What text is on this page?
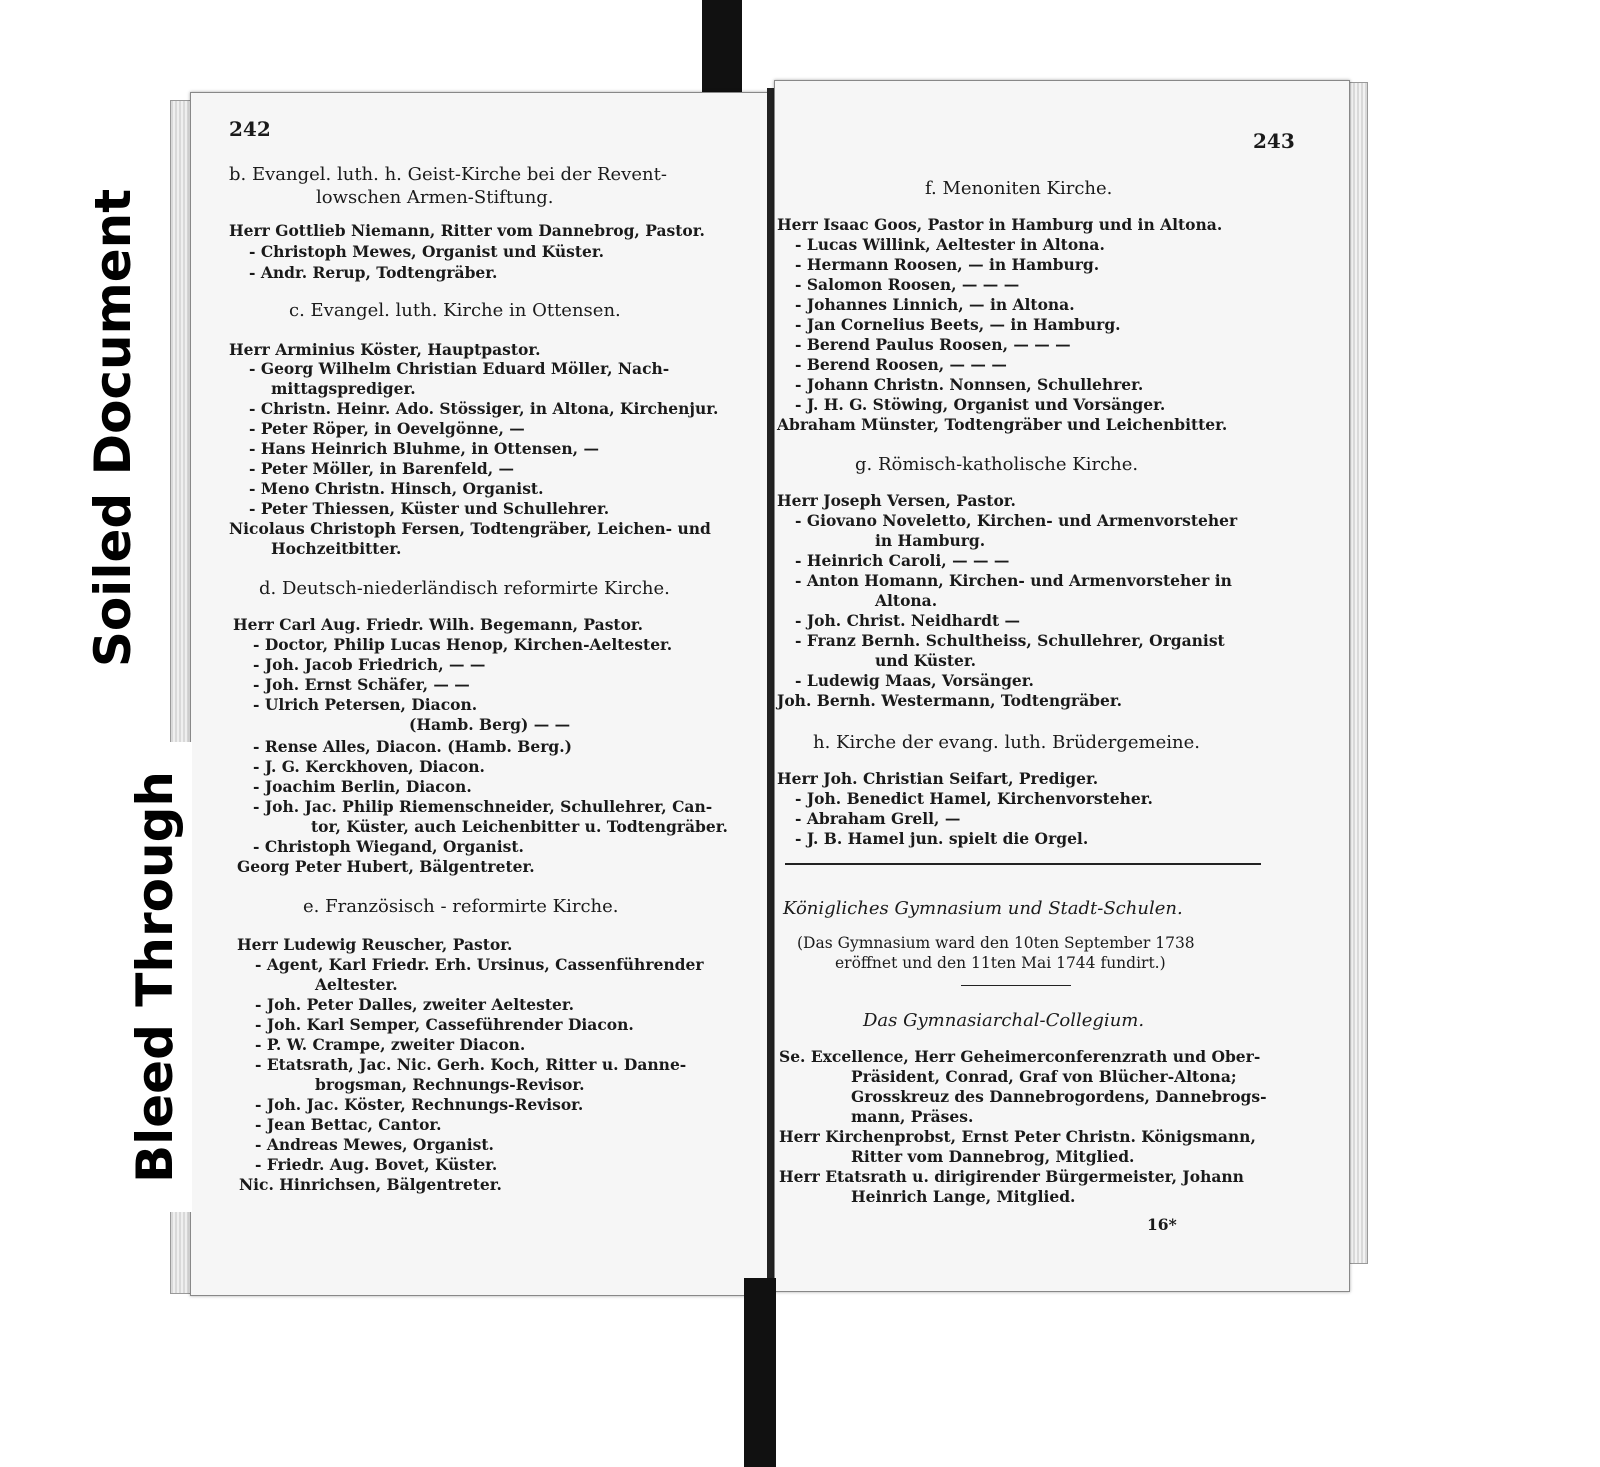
242
b. Evangel. luth. h. Geist-Kirche bei der Revent-
lowschen Armen-Stiftung.
Herr Gottlieb Niemann, Ritter vom Dannebrog, Pastor.
- Christoph Mewes, Organist und Küster.
- Andr. Rerup, Todtengräber.
c. Evangel. luth. Kirche in Ottensen.
Herr Arminius Köster, Hauptpastor.
- Georg Wilhelm Christian Eduard Möller, Nach-
mittagsprediger.
- Christn. Heinr. Ado. Stössiger, in Altona, Kirchenjur.
- Peter Röper, in Oevelgönne, —
- Hans Heinrich Bluhme, in Ottensen, —
- Peter Möller, in Barenfeld, —
- Meno Christn. Hinsch, Organist.
- Peter Thiessen, Küster und Schullehrer.
Nicolaus Christoph Fersen, Todtengräber, Leichen- und
Hochzeitbitter.
d. Deutsch-niederländisch reformirte Kirche.
Herr Carl Aug. Friedr. Wilh. Begemann, Pastor.
- Doctor, Philip Lucas Henop, Kirchen-Aeltester.
- Joh. Jacob Friedrich, — —
- Joh. Ernst Schäfer, — —
- Ulrich Petersen, Diacon.
(Hamb. Berg) — —
- Rense Alles, Diacon. (Hamb. Berg.)
- J. G. Kerckhoven, Diacon.
- Joachim Berlin, Diacon.
- Joh. Jac. Philip Riemenschneider, Schullehrer, Can-
tor, Küster, auch Leichenbitter u. Todtengräber.
- Christoph Wiegand, Organist.
Georg Peter Hubert, Bälgentreter.
e. Französisch - reformirte Kirche.
Herr Ludewig Reuscher, Pastor.
- Agent, Karl Friedr. Erh. Ursinus, Cassenführender
Aeltester.
- Joh. Peter Dalles, zweiter Aeltester.
- Joh. Karl Semper, Casseführender Diacon.
- P. W. Crampe, zweiter Diacon.
- Etatsrath, Jac. Nic. Gerh. Koch, Ritter u. Danne-
brogsman, Rechnungs-Revisor.
- Joh. Jac. Köster, Rechnungs-Revisor.
- Jean Bettac, Cantor.
- Andreas Mewes, Organist.
- Friedr. Aug. Bovet, Küster.
Nic. Hinrichsen, Bälgentreter.
243
f. Menoniten Kirche.
Herr Isaac Goos, Pastor in Hamburg und in Altona.
- Lucas Willink, Aeltester in Altona.
- Hermann Roosen, — in Hamburg.
- Salomon Roosen, — — —
- Johannes Linnich, — in Altona.
- Jan Cornelius Beets, — in Hamburg.
- Berend Paulus Roosen, — — —
- Berend Roosen, — — —
- Johann Christn. Nonnsen, Schullehrer.
- J. H. G. Stöwing, Organist und Vorsänger.
Abraham Münster, Todtengräber und Leichenbitter.
g. Römisch-katholische Kirche.
Herr Joseph Versen, Pastor.
- Giovano Noveletto, Kirchen- und Armenvorsteher
in Hamburg.
- Heinrich Caroli, — — —
- Anton Homann, Kirchen- und Armenvorsteher in
Altona.
- Joh. Christ. Neidhardt —
- Franz Bernh. Schultheiss, Schullehrer, Organist
und Küster.
- Ludewig Maas, Vorsänger.
Joh. Bernh. Westermann, Todtengräber.
h. Kirche der evang. luth. Brüdergemeine.
Herr Joh. Christian Seifart, Prediger.
- Joh. Benedict Hamel, Kirchenvorsteher.
- Abraham Grell, —
- J. B. Hamel jun. spielt die Orgel.
Königliches Gymnasium und Stadt-Schulen.
(Das Gymnasium ward den 10ten September 1738
eröffnet und den 11ten Mai 1744 fundirt.)
Das Gymnasiarchal-Collegium.
Se. Excellence, Herr Geheimerconferenzrath und Ober-
Präsident, Conrad, Graf von Blücher-Altona;
Grosskreuz des Dannebrogordens, Dannebrogs-
mann, Präses.
Herr Kirchenprobst, Ernst Peter Christn. Königsmann,
Ritter vom Dannebrog, Mitglied.
Herr Etatsrath u. dirigirender Bürgermeister, Johann
Heinrich Lange, Mitglied.
16*
Soiled Document
Bleed Through
